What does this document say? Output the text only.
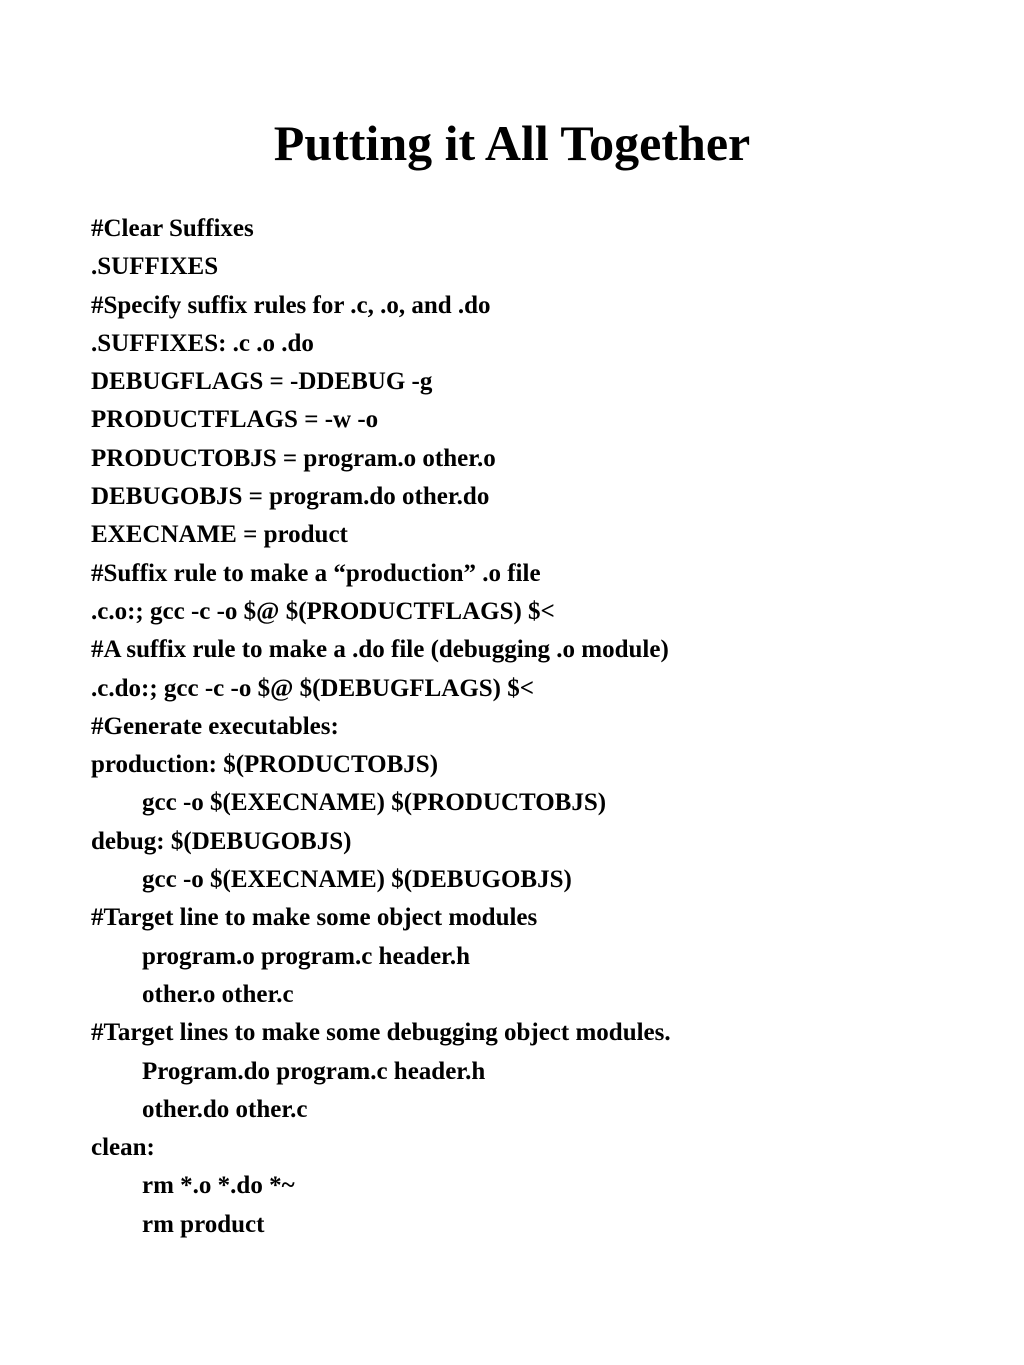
Putting it All Together
#Clear Suffixes
.SUFFIXES
#Specify suffix rules for .c, .o, and .do
.SUFFIXES: .c .o .do
DEBUGFLAGS = -DDEBUG -g
PRODUCTFLAGS = -w -o
PRODUCTOBJS = program.o other.o
DEBUGOBJS = program.do other.do
EXECNAME = product
#Suffix rule to make a “production” .o file
.c.o:; gcc -c -o $@ $(PRODUCTFLAGS) $<
#A suffix rule to make a .do file (debugging .o module)
.c.do:; gcc -c -o $@ $(DEBUGFLAGS) $<
#Generate executables:
production: $(PRODUCTOBJS)
gcc -o $(EXECNAME) $(PRODUCTOBJS)
debug: $(DEBUGOBJS)
gcc -o $(EXECNAME) $(DEBUGOBJS)
#Target line to make some object modules
program.o program.c header.h
other.o other.c
#Target lines to make some debugging object modules.
Program.do program.c header.h
other.do other.c
clean:
rm *.o *.do *~
rm product
